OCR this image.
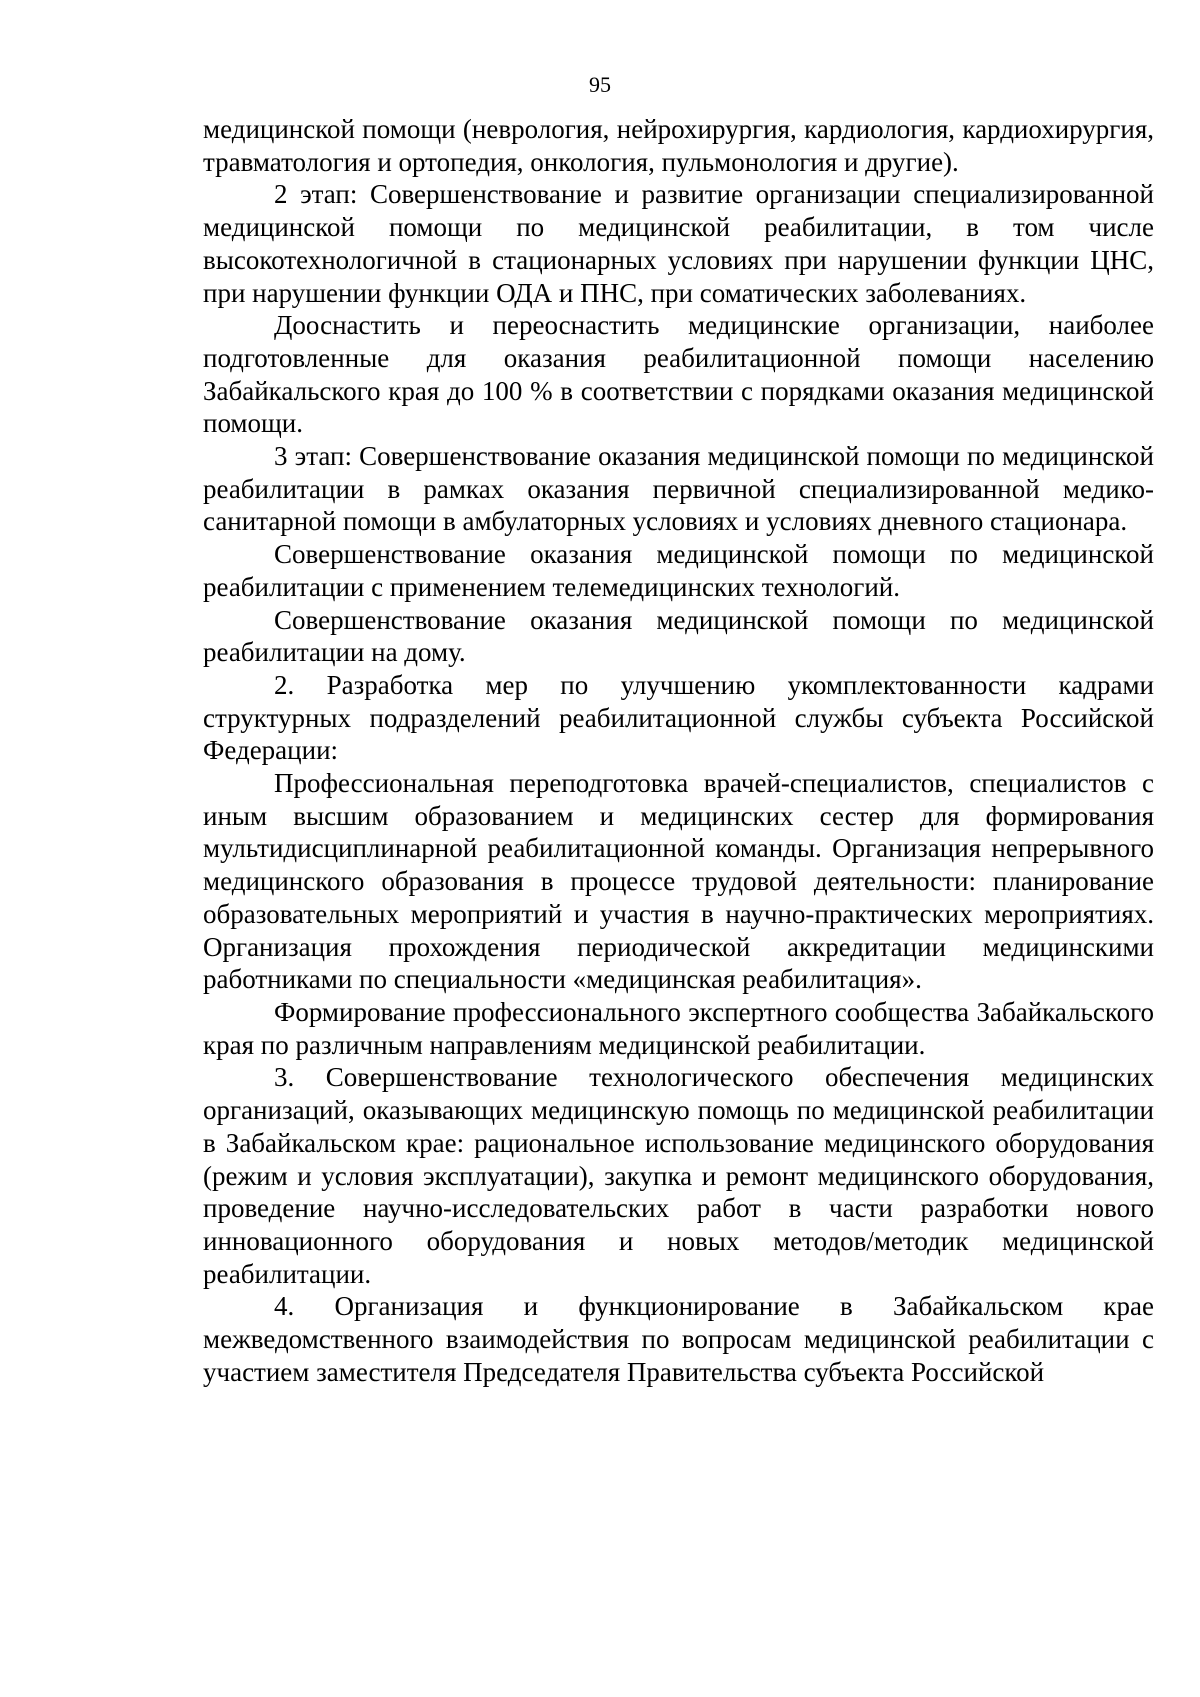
95

медицинской помощи (неврология, нейрохирургия, кардиология, кардиохирургия, травматология и ортопедия, онкология, пульмонология и другие).

2 этап: Совершенствование и развитие организации специализированной медицинской помощи по медицинской реабилитации, в том числе высокотехнологичной в стационарных условиях при нарушении функции ЦНС, при нарушении функции ОДА и ПНС, при соматических заболеваниях.

Дооснастить и переоснастить медицинские организации, наиболее подготовленные для оказания реабилитационной помощи населению Забайкальского края до 100 % в соответствии с порядками оказания медицинской помощи.

3 этап: Совершенствование оказания медицинской помощи по медицинской реабилитации в рамках оказания первичной специализированной медико-санитарной помощи в амбулаторных условиях и условиях дневного стационара.

Совершенствование оказания медицинской помощи по медицинской реабилитации с применением телемедицинских технологий.

Совершенствование оказания медицинской помощи по медицинской реабилитации на дому.

2. Разработка мер по улучшению укомплектованности кадрами структурных подразделений реабилитационной службы субъекта Российской Федерации:

Профессиональная переподготовка врачей-специалистов, специалистов с иным высшим образованием и медицинских сестер для формирования мультидисциплинарной реабилитационной команды. Организация непрерывного медицинского образования в процессе трудовой деятельности: планирование образовательных мероприятий и участия в научно-практических мероприятиях. Организация прохождения периодической аккредитации медицинскими работниками по специальности «медицинская реабилитация».

Формирование профессионального экспертного сообщества Забайкальского края по различным направлениям медицинской реабилитации.

3. Совершенствование технологического обеспечения медицинских организаций, оказывающих медицинскую помощь по медицинской реабилитации в Забайкальском крае: рациональное использование медицинского оборудования (режим и условия эксплуатации), закупка и ремонт медицинского оборудования, проведение научно-исследовательских работ в части разработки нового инновационного оборудования и новых методов/методик медицинской реабилитации.

4. Организация и функционирование в Забайкальском крае межведомственного взаимодействия по вопросам медицинской реабилитации с участием заместителя Председателя Правительства субъекта Российской
